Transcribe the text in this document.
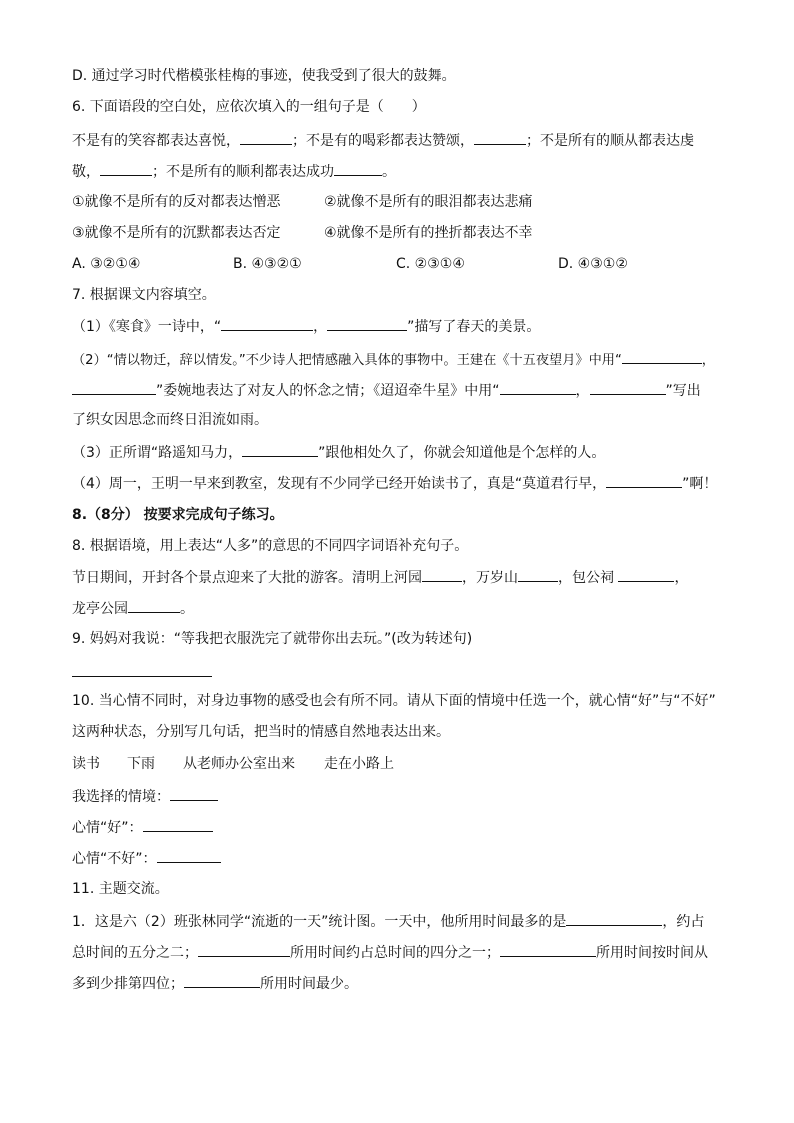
D. 通过学习时代楷模张桂梅的事迹，使我受到了很大的鼓舞。
6. 下面语段的空白处，应依次填入的一组句子是（　　）
不是有的笑容都表达喜悦，	；不是有的喝彩都表达赞颂，	；不是所有的顺从都表达虔
敬，	；不是所有的顺利都表达成功	。
①就像不是所有的反对都表达憎恶	②就像不是所有的眼泪都表达悲痛
③就像不是所有的沉默都表达否定	④就像不是所有的挫折都表达不幸
A. ③②①④	B. ④③②①	C. ②③①④	D. ④③①②
7. 根据课文内容填空。
（1）《寒食》一诗中，“	，	”描写了春天的美景。
（2）“情以物迁，辞以情发。”不少诗人把情感融入具体的事物中。王建在《十五夜望月》中用“	，
”委婉地表达了对友人的怀念之情；《迢迢牵牛星》中用“	，	”写出
了织女因思念而终日泪流如雨。
（3）正所谓“路遥知马力，	”跟他相处久了，你就会知道他是个怎样的人。
（4）周一，王明一早来到教室，发现有不少同学已经开始读书了，真是“莫道君行早，	”啊！
8.（8分） 按要求完成句子练习。
8. 根据语境，用上表达“人多”的意思的不同四字词语补充句子。
节日期间，开封各个景点迎来了大批的游客。清明上河园	，万岁山	，包公祠	，
龙亭公园	。
9. 妈妈对我说：“等我把衣服洗完了就带你出去玩。”(改为转述句)
10. 当心情不同时，对身边事物的感受也会有所不同。请从下面的情境中任选一个，就心情“好”与“不好”
这两种状态，分别写几句话，把当时的情感自然地表达出来。
读书 下雨 从老师办公室出来 走在小路上
我选择的情境：
心情“好”：
心情“不好”：
11. 主题交流。
1．这是六（2）班张林同学“流逝的一天”统计图。一天中，他所用时间最多的是	，约占
总时间的五分之二；	所用时间约占总时间的四分之一；	所用时间按时间从
多到少排第四位；	所用时间最少。
